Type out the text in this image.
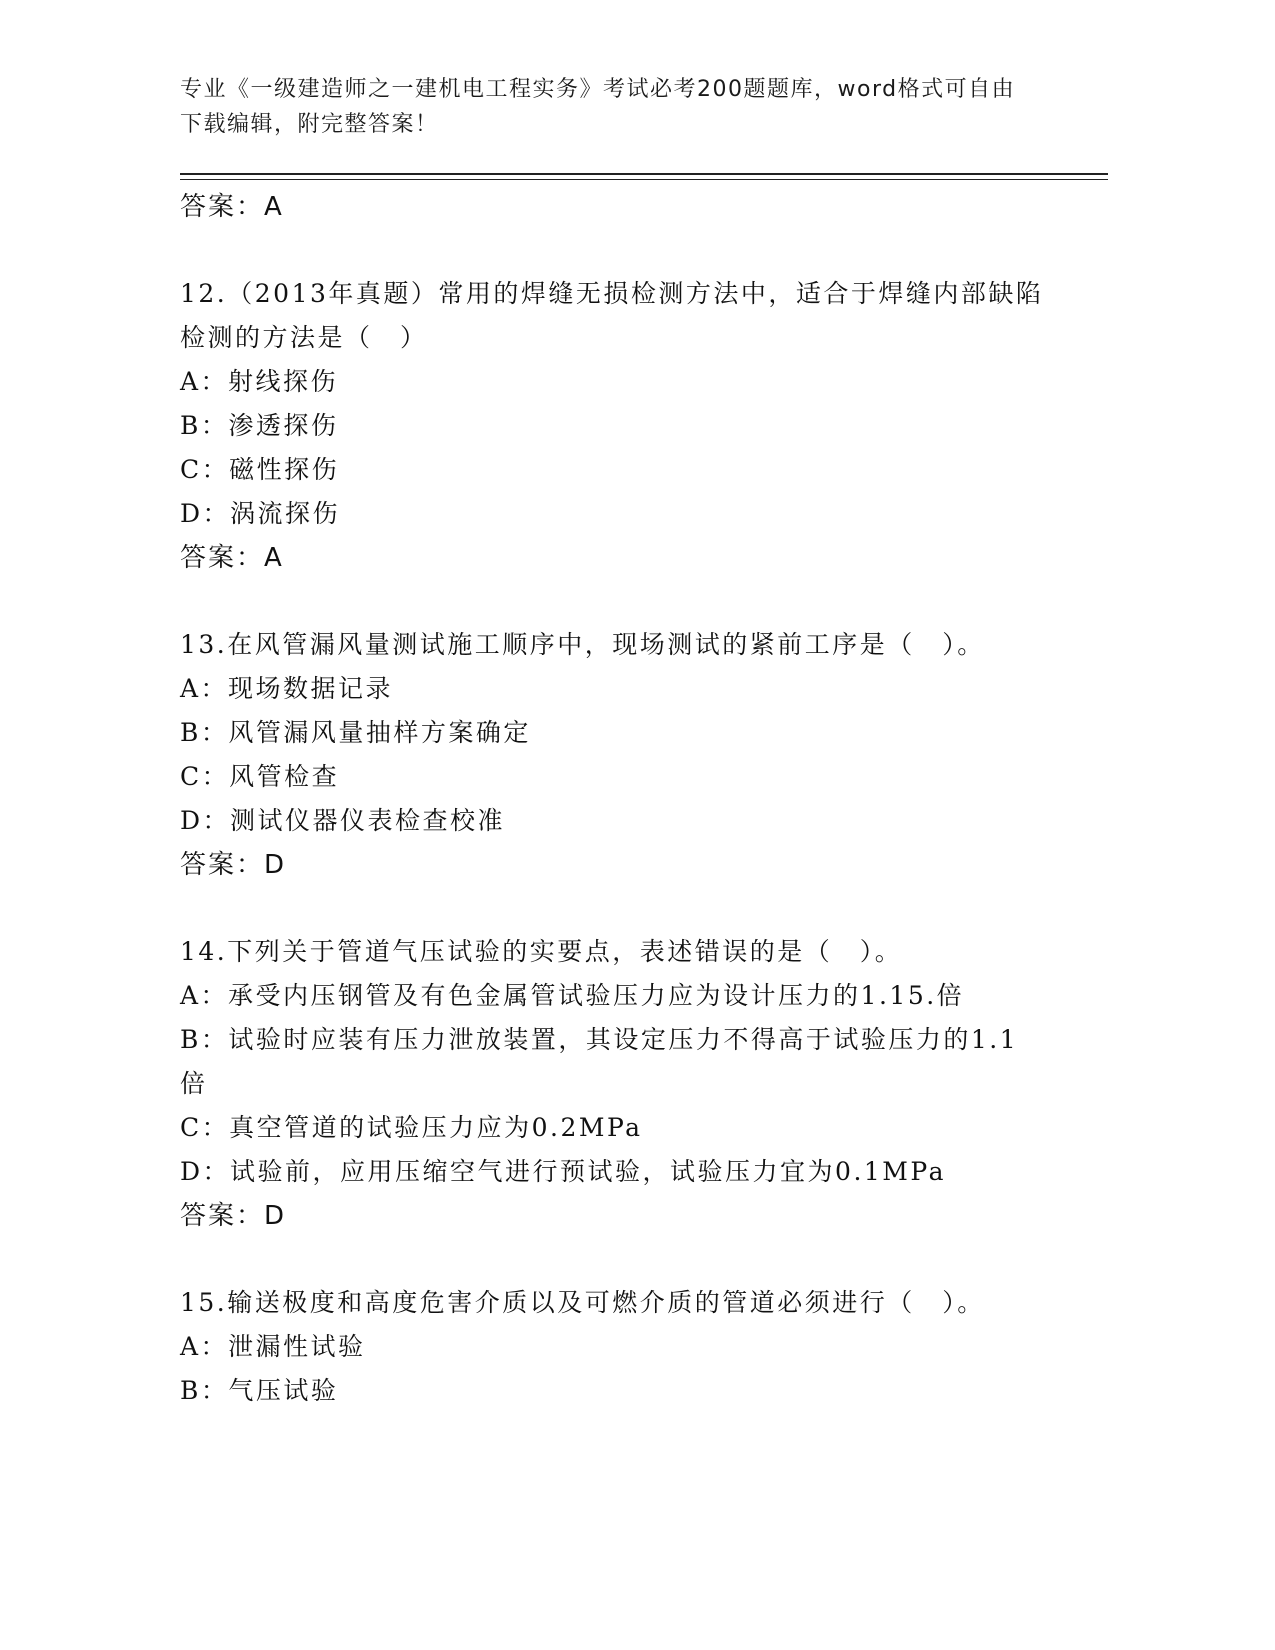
专业《一级建造师之一建机电工程实务》考试必考200题题库，word格式可自由
下载编辑，附完整答案！
答案：A
12.（2013年真题）常用的焊缝无损检测方法中，适合于焊缝内部缺陷
检测的方法是（　）
A：射线探伤
B：渗透探伤
C：磁性探伤
D：涡流探伤
答案：A
13.在风管漏风量测试施工顺序中，现场测试的紧前工序是（　）。
A：现场数据记录
B：风管漏风量抽样方案确定
C：风管检查
D：测试仪器仪表检查校准
答案：D
14.下列关于管道气压试验的实要点，表述错误的是（　）。
A：承受内压钢管及有色金属管试验压力应为设计压力的1.15.倍
B：试验时应装有压力泄放装置，其设定压力不得高于试验压力的1.1
倍
C：真空管道的试验压力应为0.2MPa
D：试验前，应用压缩空气进行预试验，试验压力宜为0.1MPa
答案：D
15.输送极度和高度危害介质以及可燃介质的管道必须进行（　）。
A：泄漏性试验
B：气压试验
